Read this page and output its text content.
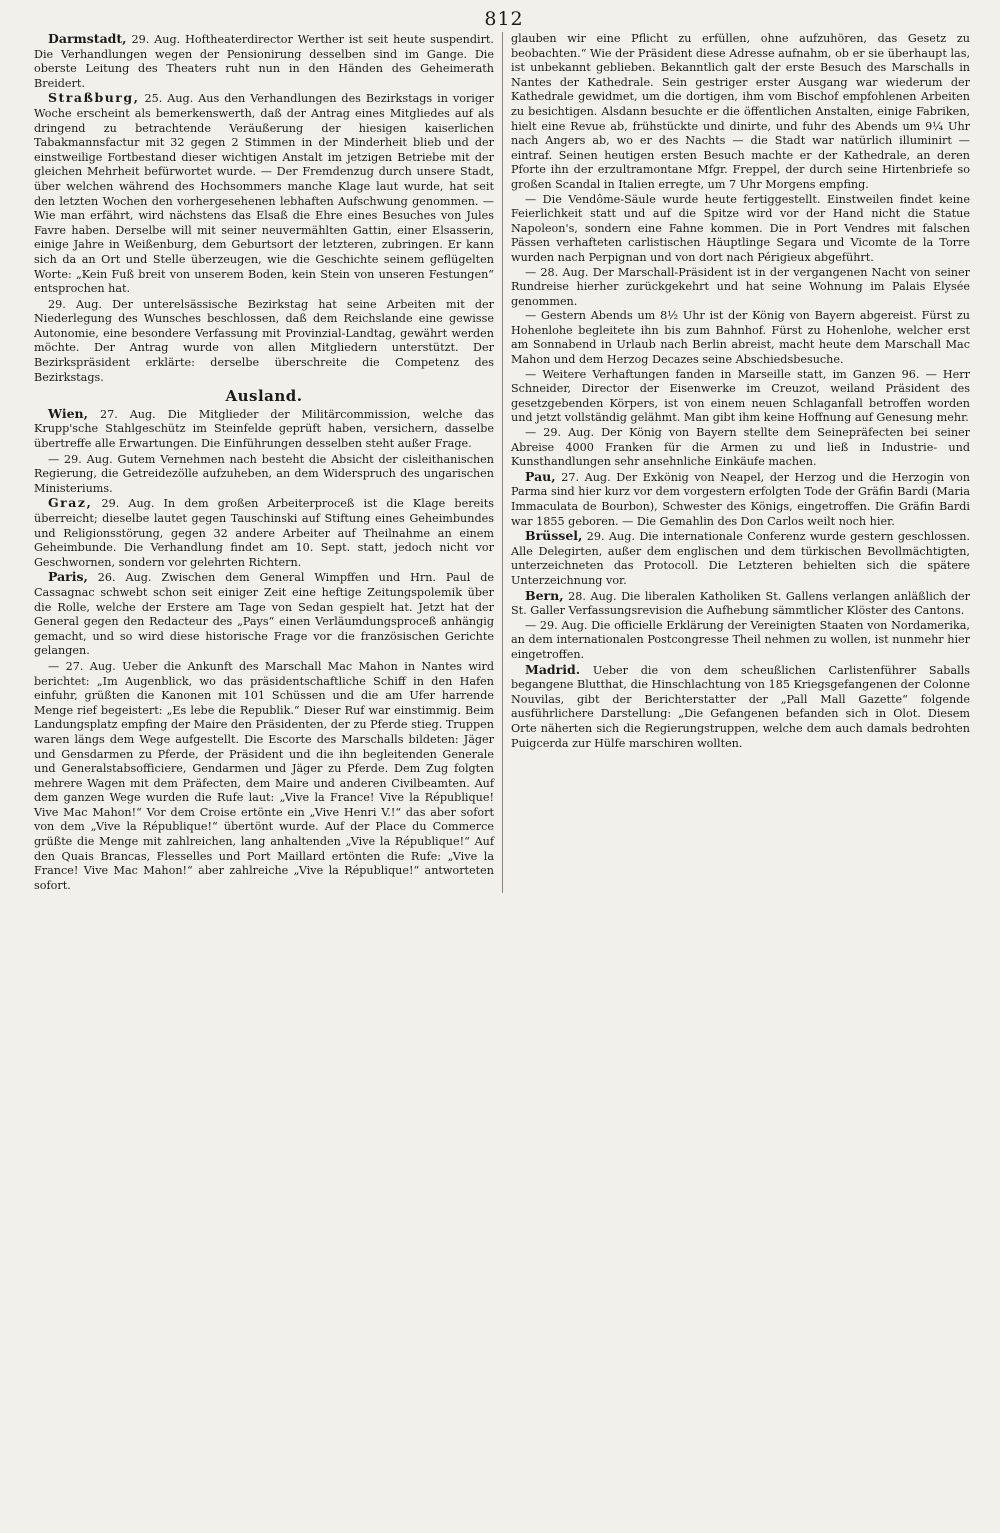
812

Darmstadt, 29. Aug. Hoftheaterdirector Werther ist seit heute suspendirt. Die Verhandlungen wegen der Pensionirung desselben sind im Gange. Die oberste Leitung des Theaters ruht nun in den Händen des Geheimerath Breidert.

Straßburg, 25. Aug. Aus den Verhandlungen des Bezirkstags in voriger Woche erscheint als bemerkenswerth, daß der Antrag eines Mitgliedes auf als dringend zu betrachtende Veräußerung der hiesigen kaiserlichen Tabakmannsfactur mit 32 gegen 2 Stimmen in der Minderheit blieb und der einstweilige Fortbestand dieser wichtigen Anstalt im jetzigen Betriebe mit der gleichen Mehrheit befürwortet wurde. — Der Fremdenzug durch unsere Stadt, über welchen während des Hochsommers manche Klage laut wurde, hat seit den letzten Wochen den vorhergesehenen lebhaften Aufschwung genommen. — Wie man erfährt, wird nächstens das Elsaß die Ehre eines Besuches von Jules Favre haben. Derselbe will mit seiner neuvermählten Gattin, einer Elsasserin, einige Jahre in Weißenburg, dem Geburtsort der letzteren, zubringen. Er kann sich da an Ort und Stelle überzeugen, wie die Geschichte seinem geflügelten Worte: „Kein Fuß breit von unserem Boden, kein Stein von unseren Festungen“ entsprochen hat.

29. Aug. Der unterelsässische Bezirkstag hat seine Arbeiten mit der Niederlegung des Wunsches beschlossen, daß dem Reichslande eine gewisse Autonomie, eine besondere Verfassung mit Provinzial-Landtag, gewährt werden möchte. Der Antrag wurde von allen Mitgliedern unterstützt. Der Bezirkspräsident erklärte: derselbe überschreite die Competenz des Bezirkstags.

Ausland.

Wien, 27. Aug. Die Mitglieder der Militärcommission, welche das Krupp'sche Stahlgeschütz im Steinfelde geprüft haben, versichern, dasselbe übertreffe alle Erwartungen. Die Einführungen desselben steht außer Frage.

— 29. Aug. Gutem Vernehmen nach besteht die Absicht der cisleithanischen Regierung, die Getreidezölle aufzuheben, an dem Widerspruch des ungarischen Ministeriums.

Graz, 29. Aug. In dem großen Arbeiterproceß ist die Klage bereits überreicht; dieselbe lautet gegen Tauschinski auf Stiftung eines Geheimbundes und Religionsstörung, gegen 32 andere Arbeiter auf Theilnahme an einem Geheimbunde. Die Verhandlung findet am 10. Sept. statt, jedoch nicht vor Geschwornen, sondern vor gelehrten Richtern.

Paris, 26. Aug. Zwischen dem General Wimpffen und Hrn. Paul de Cassagnac schwebt schon seit einiger Zeit eine heftige Zeitungspolemik über die Rolle, welche der Erstere am Tage von Sedan gespielt hat. Jetzt hat der General gegen den Redacteur des „Pays“ einen Verläumdungsproceß anhängig gemacht, und so wird diese historische Frage vor die französischen Gerichte gelangen.

— 27. Aug. Ueber die Ankunft des Marschall Mac Mahon in Nantes wird berichtet: „Im Augenblick, wo das präsidentschaftliche Schiff in den Hafen einfuhr, grüßten die Kanonen mit 101 Schüssen und die am Ufer harrende Menge rief begeistert: „Es lebe die Republik.“ Dieser Ruf war einstimmig. Beim Landungsplatz empfing der Maire den Präsidenten, der zu Pferde stieg. Truppen waren längs dem Wege aufgestellt. Die Escorte des Marschalls bildeten: Jäger und Gensdarmen zu Pferde, der Präsident und die ihn begleitenden Generale und Generalstabsofficiere, Gendarmen und Jäger zu Pferde. Dem Zug folgten mehrere Wagen mit dem Präfecten, dem Maire und anderen Civilbeamten. Auf dem ganzen Wege wurden die Rufe laut: „Vive la France! Vive la République! Vive Mac Mahon!“ Vor dem Croise ertönte ein „Vive Henri V.!“ das aber sofort von dem „Vive la République!“ übertönt wurde. Auf der Place du Commerce grüßte die Menge mit zahlreichen, lang anhaltenden „Vive la République!“ Auf den Quais Brancas, Flesselles und Port Maillard ertönten die Rufe: „Vive la France! Vive Mac Mahon!“ aber zahlreiche „Vive la République!“ antworteten sofort.

glauben wir eine Pflicht zu erfüllen, ohne aufzuhören, das Gesetz zu beobachten.“ Wie der Präsident diese Adresse aufnahm, ob er sie überhaupt las, ist unbekannt geblieben. Bekanntlich galt der erste Besuch des Marschalls in Nantes der Kathedrale. Sein gestriger erster Ausgang war wiederum der Kathedrale gewidmet, um die dortigen, ihm vom Bischof empfohlenen Arbeiten zu besichtigen. Alsdann besuchte er die öffentlichen Anstalten, einige Fabriken, hielt eine Revue ab, frühstückte und dinirte, und fuhr des Abends um 9¼ Uhr nach Angers ab, wo er des Nachts — die Stadt war natürlich illuminirt — eintraf. Seinen heutigen ersten Besuch machte er der Kathedrale, an deren Pforte ihn der erzultramontane Mfgr. Freppel, der durch seine Hirtenbriefe so großen Scandal in Italien erregte, um 7 Uhr Morgens empfing.

— Die Vendôme-Säule wurde heute fertiggestellt. Einstweilen findet keine Feierlichkeit statt und auf die Spitze wird vor der Hand nicht die Statue Napoleon's, sondern eine Fahne kommen. Die in Port Vendres mit falschen Pässen verhafteten carlistischen Häuptlinge Segara und Vicomte de la Torre wurden nach Perpignan und von dort nach Périgieux abgeführt.

— 28. Aug. Der Marschall-Präsident ist in der vergangenen Nacht von seiner Rundreise hierher zurückgekehrt und hat seine Wohnung im Palais Elysée genommen.

— Gestern Abends um 8½ Uhr ist der König von Bayern abgereist. Fürst zu Hohenlohe begleitete ihn bis zum Bahnhof. Fürst zu Hohenlohe, welcher erst am Sonnabend in Urlaub nach Berlin abreist, macht heute dem Marschall Mac Mahon und dem Herzog Decazes seine Abschiedsbesuche.

— Weitere Verhaftungen fanden in Marseille statt, im Ganzen 96. — Herr Schneider, Director der Eisenwerke im Creuzot, weiland Präsident des gesetzgebenden Körpers, ist von einem neuen Schlaganfall betroffen worden und jetzt vollständig gelähmt. Man gibt ihm keine Hoffnung auf Genesung mehr.

— 29. Aug. Der König von Bayern stellte dem Seinepräfecten bei seiner Abreise 4000 Franken für die Armen zu und ließ in Industrie- und Kunsthandlungen sehr ansehnliche Einkäufe machen.

Pau, 27. Aug. Der Exkönig von Neapel, der Herzog und die Herzogin von Parma sind hier kurz vor dem vorgestern erfolgten Tode der Gräfin Bardi (Maria Immaculata de Bourbon), Schwester des Königs, eingetroffen. Die Gräfin Bardi war 1855 geboren. — Die Gemahlin des Don Carlos weilt noch hier.

Brüssel, 29. Aug. Die internationale Conferenz wurde gestern geschlossen. Alle Delegirten, außer dem englischen und dem türkischen Bevollmächtigten, unterzeichneten das Protocoll. Die Letzteren behielten sich die spätere Unterzeichnung vor.

Bern, 28. Aug. Die liberalen Katholiken St. Gallens verlangen anläßlich der St. Galler Verfassungsrevision die Aufhebung sämmtlicher Klöster des Cantons.

— 29. Aug. Die officielle Erklärung der Vereinigten Staaten von Nordamerika, an dem internationalen Postcongresse Theil nehmen zu wollen, ist nunmehr hier eingetroffen.

Madrid. Ueber die von dem scheußlichen Carlistenführer Saballs begangene Blutthat, die Hinschlachtung von 185 Kriegsgefangenen der Colonne Nouvilas, gibt der Berichterstatter der „Pall Mall Gazette“ folgende ausführlichere Darstellung: „Die Gefangenen befanden sich in Olot. Diesem Orte näherten sich die Regierungstruppen, welche dem auch damals bedrohten Puigcerda zur Hülfe marschiren wollten.
